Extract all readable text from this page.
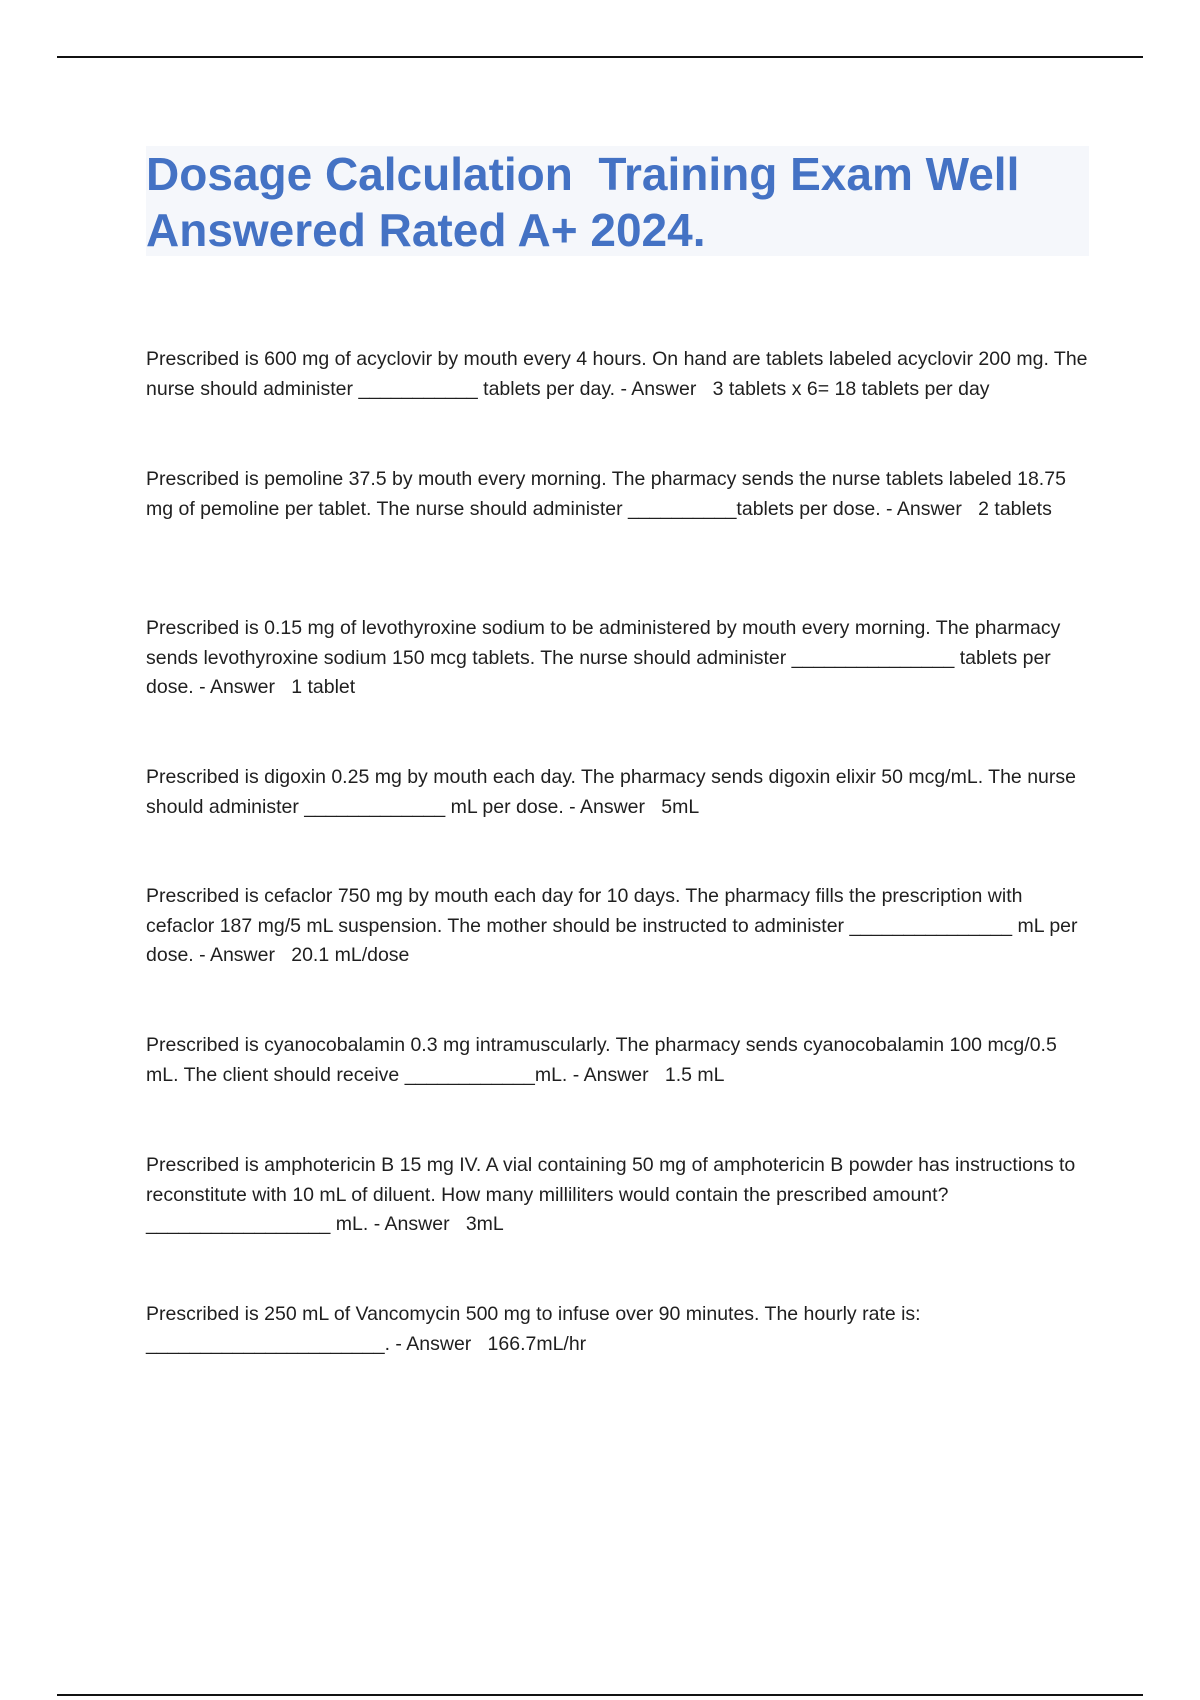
Dosage Calculation  Training Exam Well Answered Rated A+ 2024.
Prescribed is 600 mg of acyclovir by mouth every 4 hours. On hand are tablets labeled acyclovir 200 mg. The nurse should administer ___________ tablets per day. - Answer   3 tablets x 6= 18 tablets per day
Prescribed is pemoline 37.5 by mouth every morning. The pharmacy sends the nurse tablets labeled 18.75 mg of pemoline per tablet. The nurse should administer __________tablets per dose. - Answer   2 tablets
Prescribed is 0.15 mg of levothyroxine sodium to be administered by mouth every morning. The pharmacy sends levothyroxine sodium 150 mcg tablets. The nurse should administer _______________ tablets per dose. - Answer   1 tablet
Prescribed is digoxin 0.25 mg by mouth each day. The pharmacy sends digoxin elixir 50 mcg/mL. The nurse should administer _____________ mL per dose. - Answer   5mL
Prescribed is cefaclor 750 mg by mouth each day for 10 days. The pharmacy fills the prescription with cefaclor 187 mg/5 mL suspension. The mother should be instructed to administer _______________ mL per dose. - Answer   20.1 mL/dose
Prescribed is cyanocobalamin 0.3 mg intramuscularly. The pharmacy sends cyanocobalamin 100 mcg/0.5 mL. The client should receive ____________mL. - Answer   1.5 mL
Prescribed is amphotericin B 15 mg IV. A vial containing 50 mg of amphotericin B powder has instructions to reconstitute with 10 mL of diluent. How many milliliters would contain the prescribed amount? _________________ mL. - Answer   3mL
Prescribed is 250 mL of Vancomycin 500 mg to infuse over 90 minutes. The hourly rate is: ______________________. - Answer   166.7mL/hr
